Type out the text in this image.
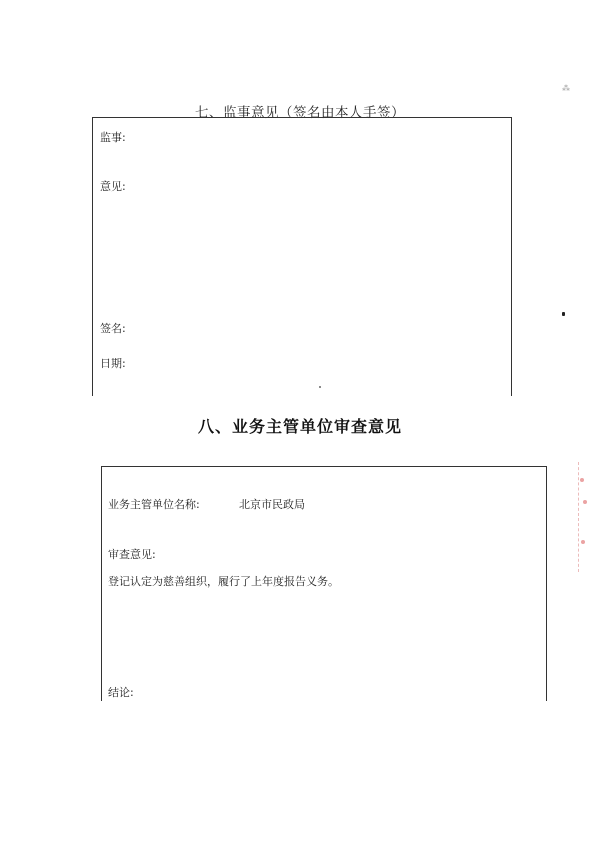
七、监事意见（签名由本人手签）
监事:
意见:
签名:
日期:
八、业务主管单位审查意见
业务主管单位名称:	北京市民政局
审查意见:
登记认定为慈善组织，履行了上年度报告义务。
结论:
⁂
